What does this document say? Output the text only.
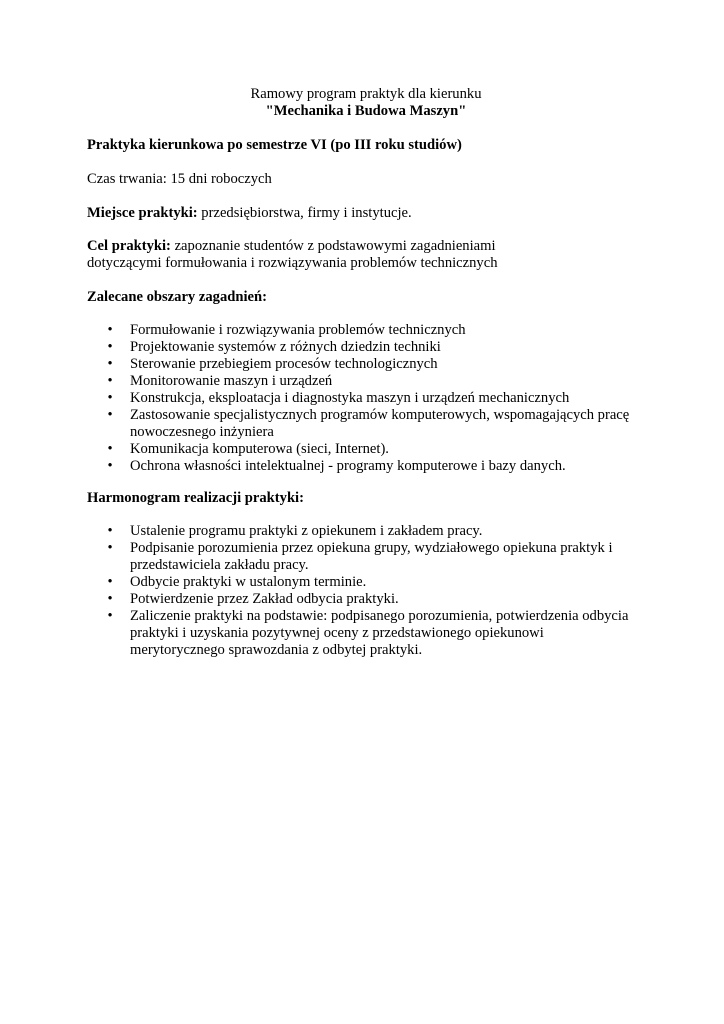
Ramowy program praktyk dla kierunku
"Mechanika i Budowa Maszyn"
Praktyka kierunkowa po semestrze VI (po III roku studiów)
Czas trwania: 15 dni roboczych
Miejsce praktyki: przedsiębiorstwa, firmy i instytucje.
Cel praktyki: zapoznanie studentów z podstawowymi zagadnieniami dotyczącymi formułowania i rozwiązywania problemów technicznych
Zalecane obszary zagadnień:
• Formułowanie i rozwiązywania problemów technicznych
• Projektowanie systemów z różnych dziedzin techniki
• Sterowanie przebiegiem procesów technologicznych
• Monitorowanie maszyn i urządzeń
• Konstrukcja, eksploatacja i diagnostyka maszyn i urządzeń mechanicznych
• Zastosowanie specjalistycznych programów komputerowych, wspomagających pracę nowoczesnego inżyniera
• Komunikacja komputerowa (sieci, Internet).
• Ochrona własności intelektualnej - programy komputerowe i bazy danych.
Harmonogram realizacji praktyki:
• Ustalenie programu praktyki z opiekunem i zakładem pracy.
• Podpisanie porozumienia przez opiekuna grupy, wydziałowego opiekuna praktyk i przedstawiciela zakładu pracy.
• Odbycie praktyki w ustalonym terminie.
• Potwierdzenie przez Zakład odbycia praktyki.
• Zaliczenie praktyki na podstawie: podpisanego porozumienia, potwierdzenia odbycia praktyki i uzyskania pozytywnej oceny z przedstawionego opiekunowi merytorycznego sprawozdania z odbytej praktyki.
